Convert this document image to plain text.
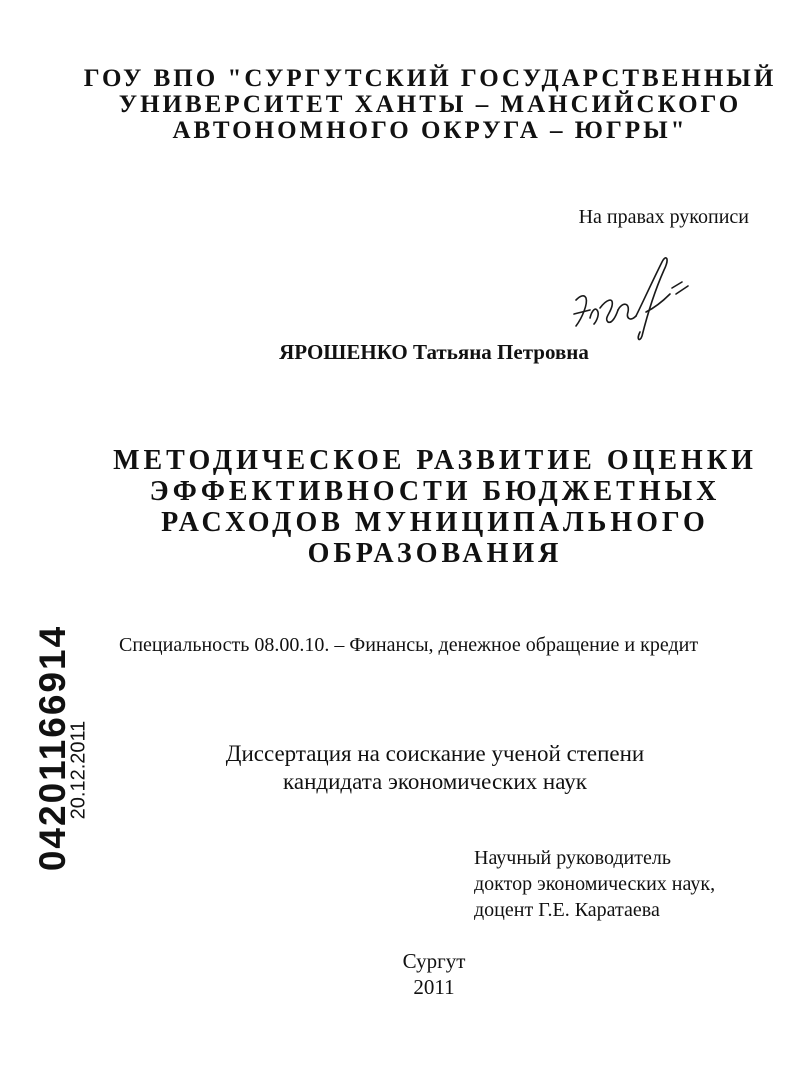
ГОУ ВПО "СУРГУТСКИЙ ГОСУДАРСТВЕННЫЙ
УНИВЕРСИТЕТ ХАНТЫ – МАНСИЙСКОГО
АВТОНОМНОГО ОКРУГА – ЮГРЫ"
На правах рукописи
ЯРОШЕНКО Татьяна Петровна
МЕТОДИЧЕСКОЕ РАЗВИТИЕ ОЦЕНКИ
ЭФФЕКТИВНОСТИ БЮДЖЕТНЫХ
РАСХОДОВ МУНИЦИПАЛЬНОГО
ОБРАЗОВАНИЯ
Специальность 08.00.10. – Финансы, денежное обращение и кредит
Диссертация на соискание ученой степени
кандидата экономических наук
Научный руководитель
доктор экономических наук,
доцент Г.Е. Каратаева
Сургут
2011
04201166914
20.12.2011
